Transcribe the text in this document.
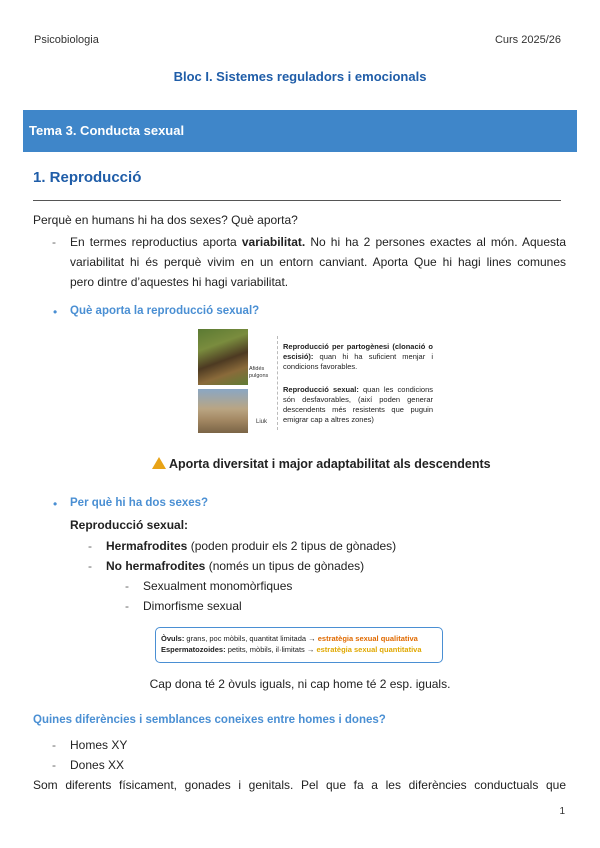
Psicobiologia	Curs 2025/26
Bloc I. Sistemes reguladors i emocionals
Tema 3. Conducta sexual
1. Reproducció
Perquè en humans hi ha dos sexes? Què aporta?
- En termes reproductius aporta variabilitat. No hi ha 2 persones exactes al món. Aquesta
variabilitat hi és perquè vivim en un entorn canviant. Aporta Que hi hagi lines comunes
pero dintre d’aquestes hi hagi variabilitat.
• Què aporta la reproducció sexual?
Afidés
pulgons
Liuk
Reproducció per partogènesi (clonació o escisió): quan hi ha suficient menjar i condicions favorables.
Reproducció sexual: quan les condicions són desfavorables, (així poden generar descendents més resistents que puguin emigrar cap a altres zones)
Aporta diversitat i major adaptabilitat als descendents
• Per què hi ha dos sexes?
Reproducció sexual:
- Hermafrodites (poden produir els 2 tipus de gònades)
- No hermafrodites (només un tipus de gònades)
- Sexualment monomòrfiques
- Dimorfisme sexual
Òvuls: grans, poc mòbils, quantitat limitada → estratègia sexual qualitativa
Espermatozoides: petits, mòbils, il·limitats → estratègia sexual quantitativa
Cap dona té 2 òvuls iguals, ni cap home té 2 esp. iguals.
Quines diferències i semblances coneixes entre homes i dones?
- Homes XY
- Dones XX
Som diferents físicament, gonades i genitals. Pel que fa a les diferències conductuals que
1
